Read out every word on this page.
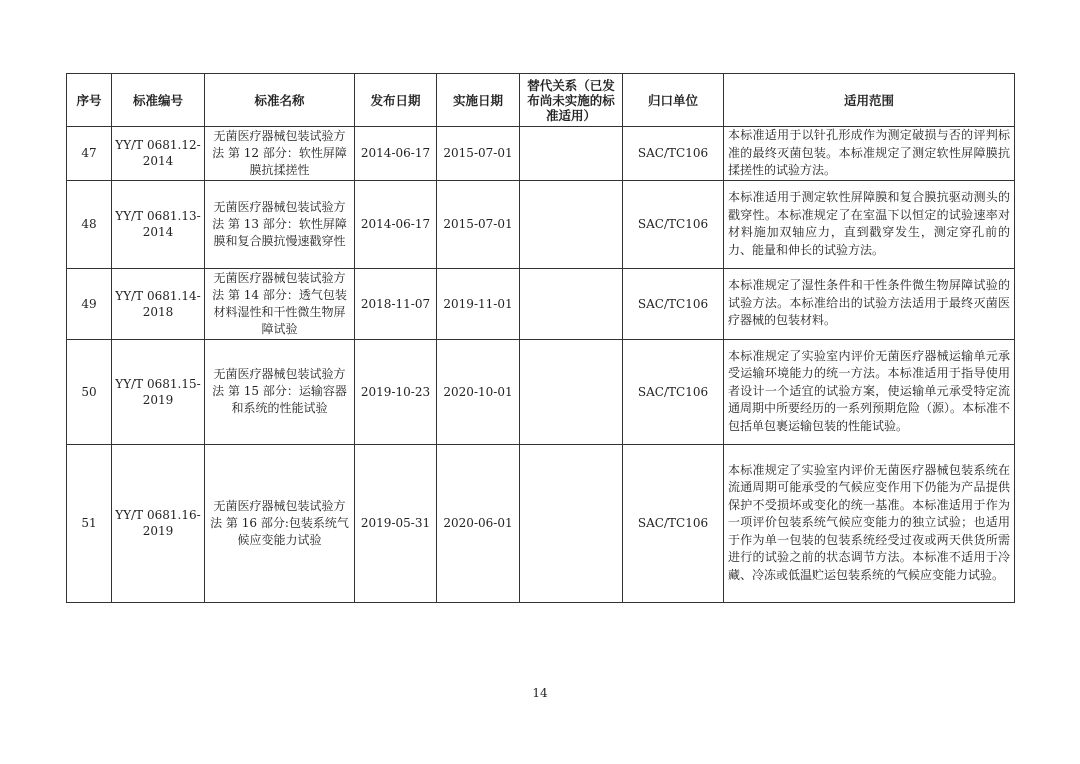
序号	标准编号	标准名称	发布日期	实施日期	替代关系（已发布尚未实施的标准适用）	归口单位	适用范围
47	YY/T 0681.12-2014	无菌医疗器械包装试验方法 第 12 部分：软性屏障膜抗揉搓性	2014-06-17	2015-07-01		SAC/TC106	本标准适用于以针孔形成作为测定破损与否的评判标准的最终灭菌包装。本标准规定了测定软性屏障膜抗揉搓性的试验方法。
48	YY/T 0681.13-2014	无菌医疗器械包装试验方法 第 13 部分：软性屏障膜和复合膜抗慢速戳穿性	2014-06-17	2015-07-01		SAC/TC106	本标准适用于测定软性屏障膜和复合膜抗驱动测头的戳穿性。本标准规定了在室温下以恒定的试验速率对材料施加双轴应力，直到戳穿发生，测定穿孔前的力、能量和伸长的试验方法。
49	YY/T 0681.14-2018	无菌医疗器械包装试验方法 第 14 部分：透气包装材料湿性和干性微生物屏障试验	2018-11-07	2019-11-01		SAC/TC106	本标准规定了湿性条件和干性条件微生物屏障试验的试验方法。本标准给出的试验方法适用于最终灭菌医疗器械的包装材料。
50	YY/T 0681.15-2019	无菌医疗器械包装试验方法 第 15 部分：运输容器和系统的性能试验	2019-10-23	2020-10-01		SAC/TC106	本标准规定了实验室内评价无菌医疗器械运输单元承受运输环境能力的统一方法。本标准适用于指导使用者设计一个适宜的试验方案，使运输单元承受特定流通周期中所要经历的一系列预期危险（源）。本标准不包括单包裹运输包装的性能试验。
51	YY/T 0681.16-2019	无菌医疗器械包装试验方法 第 16 部分:包装系统气候应变能力试验	2019-05-31	2020-06-01		SAC/TC106	本标准规定了实验室内评价无菌医疗器械包装系统在流通周期可能承受的气候应变作用下仍能为产品提供保护不受损坏或变化的统一基准。本标准适用于作为一项评价包装系统气候应变能力的独立试验；也适用于作为单一包装的包装系统经受过夜或两天供货所需进行的试验之前的状态调节方法。本标准不适用于冷藏、冷冻或低温贮运包装系统的气候应变能力试验。
14
